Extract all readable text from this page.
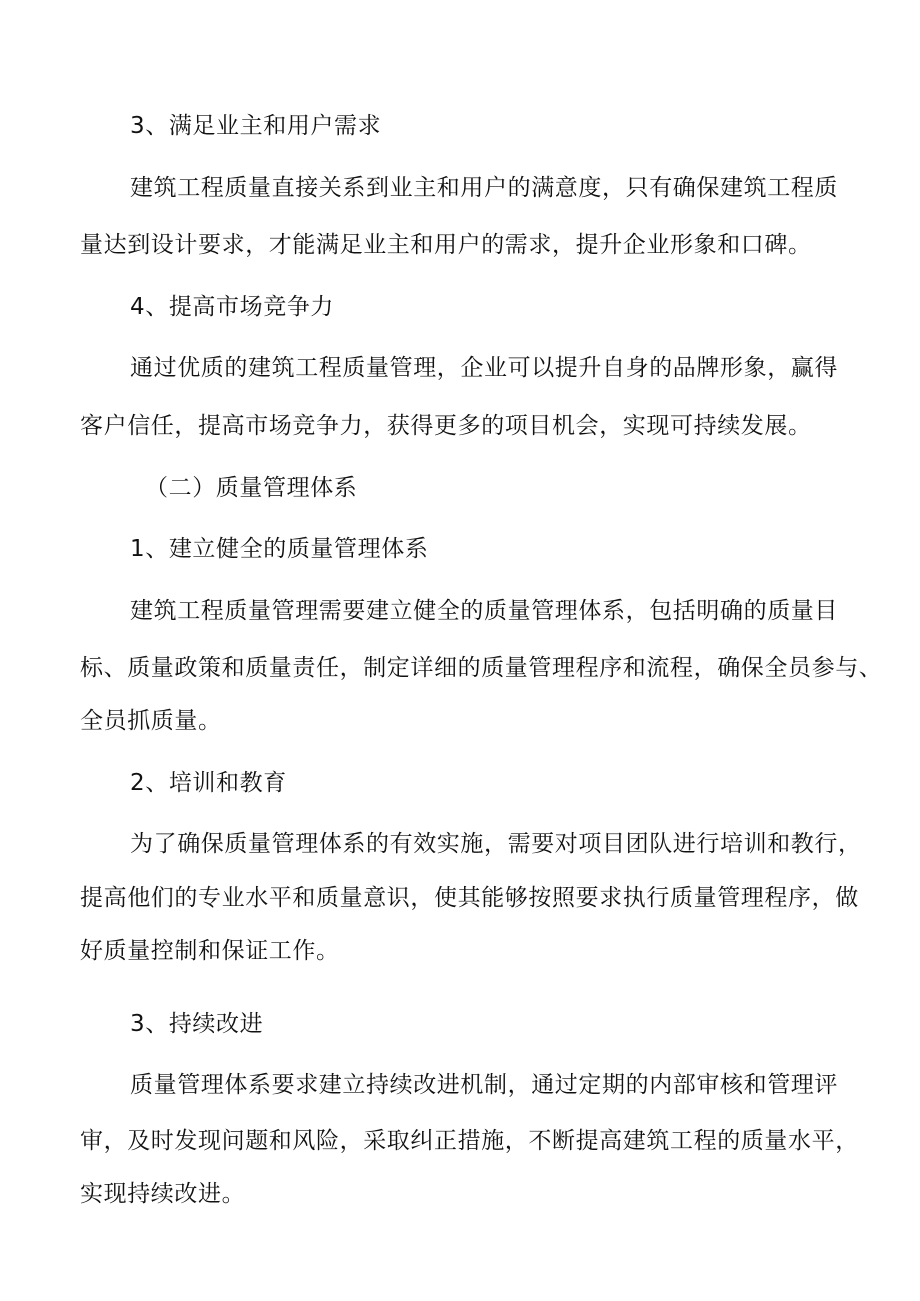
3、满足业主和用户需求
建筑工程质量直接关系到业主和用户的满意度，只有确保建筑工程质
量达到设计要求，才能满足业主和用户的需求，提升企业形象和口碑。
4、提高市场竞争力
通过优质的建筑工程质量管理，企业可以提升自身的品牌形象，赢得
客户信任，提高市场竞争力，获得更多的项目机会，实现可持续发展。
（二）质量管理体系
1、建立健全的质量管理体系
建筑工程质量管理需要建立健全的质量管理体系，包括明确的质量目
标、质量政策和质量责任，制定详细的质量管理程序和流程，确保全员参与、
全员抓质量。
2、培训和教育
为了确保质量管理体系的有效实施，需要对项目团队进行培训和教行，
提高他们的专业水平和质量意识，使其能够按照要求执行质量管理程序，做
好质量控制和保证工作。
3、持续改进
质量管理体系要求建立持续改进机制，通过定期的内部审核和管理评
审，及时发现问题和风险，采取纠正措施，不断提高建筑工程的质量水平，
实现持续改进。
